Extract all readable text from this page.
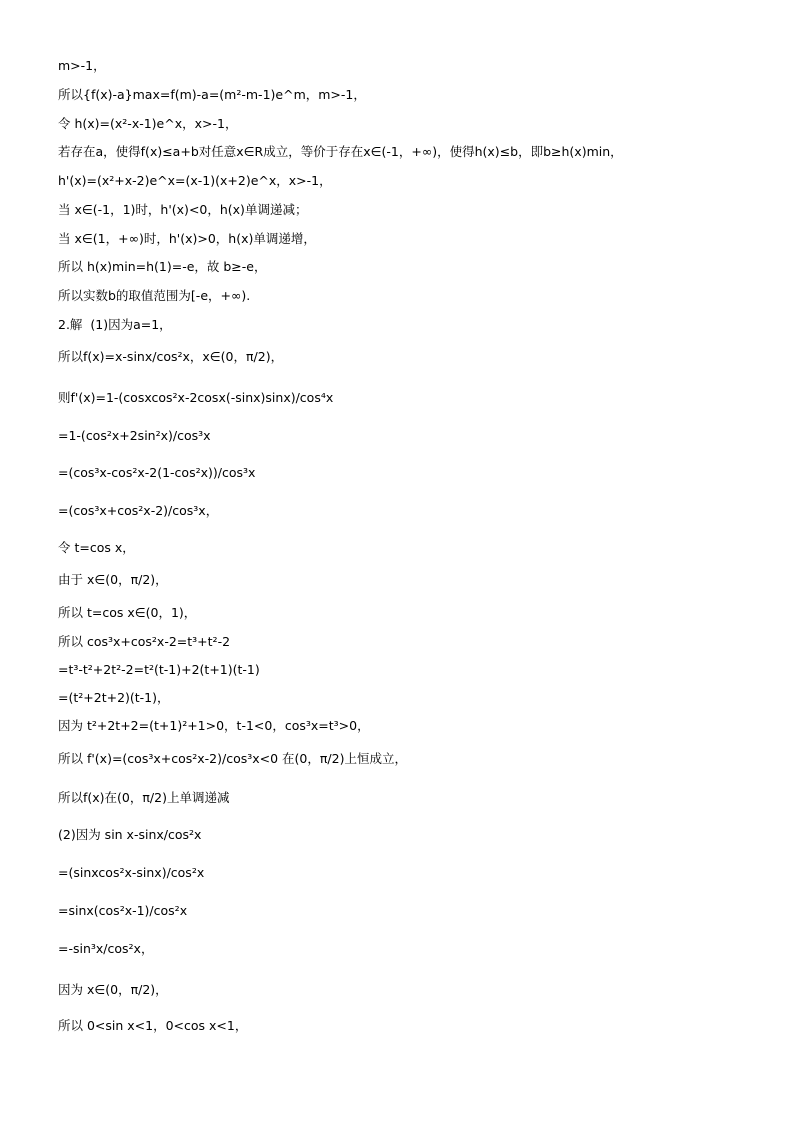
m>-1，
所以{f(x)-a}max=f(m)-a=(m²-m-1)e^m，m>-1，
令 h(x)=(x²-x-1)e^x，x>-1，
若存在a，使得f(x)≤a+b对任意x∈R成立，等价于存在x∈(-1，+∞)，使得h(x)≤b，即b≥h(x)min，
h'(x)=(x²+x-2)e^x=(x-1)(x+2)e^x，x>-1，
当 x∈(-1，1)时，h'(x)<0，h(x)单调递减；
当 x∈(1，+∞)时，h'(x)>0，h(x)单调递增，
所以 h(x)min=h(1)=-e，故 b≥-e，
所以实数b的取值范围为[-e，+∞).
2.解  (1)因为a=1，
所以f(x)=x-sinx/cos²x，x∈(0，π/2)，
则f'(x)=1-(cosxcos²x-2cosx(-sinx)sinx)/cos⁴x
=1-(cos²x+2sin²x)/cos³x
=(cos³x-cos²x-2(1-cos²x))/cos³x
=(cos³x+cos²x-2)/cos³x，
令 t=cos x，
由于 x∈(0，π/2)，
所以 t=cos x∈(0，1)，
所以 cos³x+cos²x-2=t³+t²-2
=t³-t²+2t²-2=t²(t-1)+2(t+1)(t-1)
=(t²+2t+2)(t-1)，
因为 t²+2t+2=(t+1)²+1>0，t-1<0，cos³x=t³>0，
所以 f'(x)=(cos³x+cos²x-2)/cos³x<0 在(0，π/2)上恒成立，
所以f(x)在(0，π/2)上单调递减
(2)因为 sin x-sinx/cos²x
=(sinxcos²x-sinx)/cos²x
=sinx(cos²x-1)/cos²x
=-sin³x/cos²x，
因为 x∈(0，π/2)，
所以 0<sin x<1，0<cos x<1，
